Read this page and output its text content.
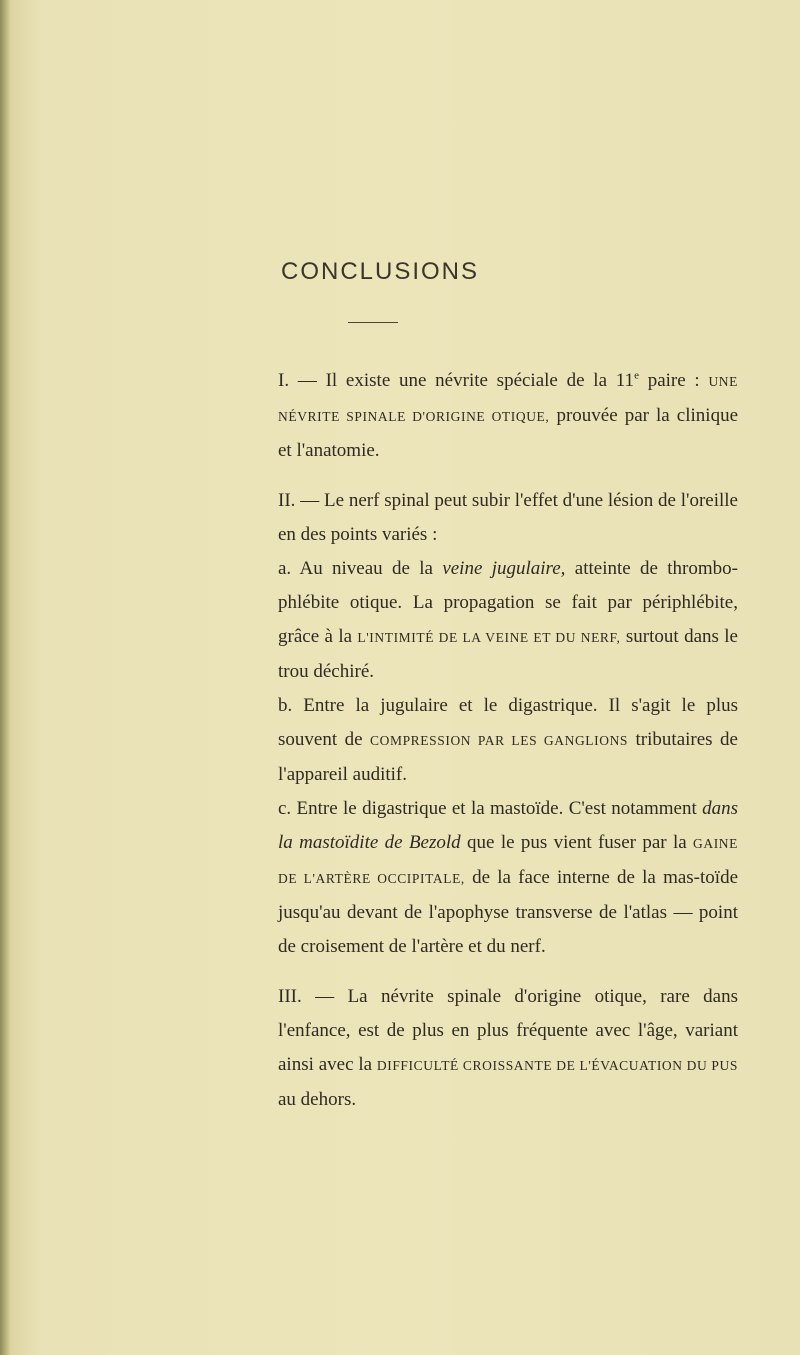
CONCLUSIONS

I. — Il existe une névrite spéciale de la 11e paire : UNE NÉVRITE SPINALE D'ORIGINE OTIQUE, prouvée par la clinique et l'anatomie.

II. — Le nerf spinal peut subir l'effet d'une lésion de l'oreille en des points variés :

a. Au niveau de la veine jugulaire, atteinte de thrombo-phlébite otique. La propagation se fait par périphlébite, grâce à la L'INTIMITÉ DE LA VEINE ET DU NERF, surtout dans le trou déchiré.

b. Entre la jugulaire et le digastrique. Il s'agit le plus souvent de COMPRESSION PAR LES GANGLIONS tributaires de l'appareil auditif.

c. Entre le digastrique et la mastoïde. C'est notamment dans la mastoïdite de Bezold que le pus vient fuser par la GAINE DE L'ARTÈRE OCCIPITALE, de la face interne de la mas-toïde jusqu'au devant de l'apophyse transverse de l'atlas — point de croisement de l'artère et du nerf.

III. — La névrite spinale d'origine otique, rare dans l'enfance, est de plus en plus fréquente avec l'âge, variant ainsi avec la DIFFICULTÉ CROISSANTE DE L'ÉVACUATION DU PUS au dehors.
